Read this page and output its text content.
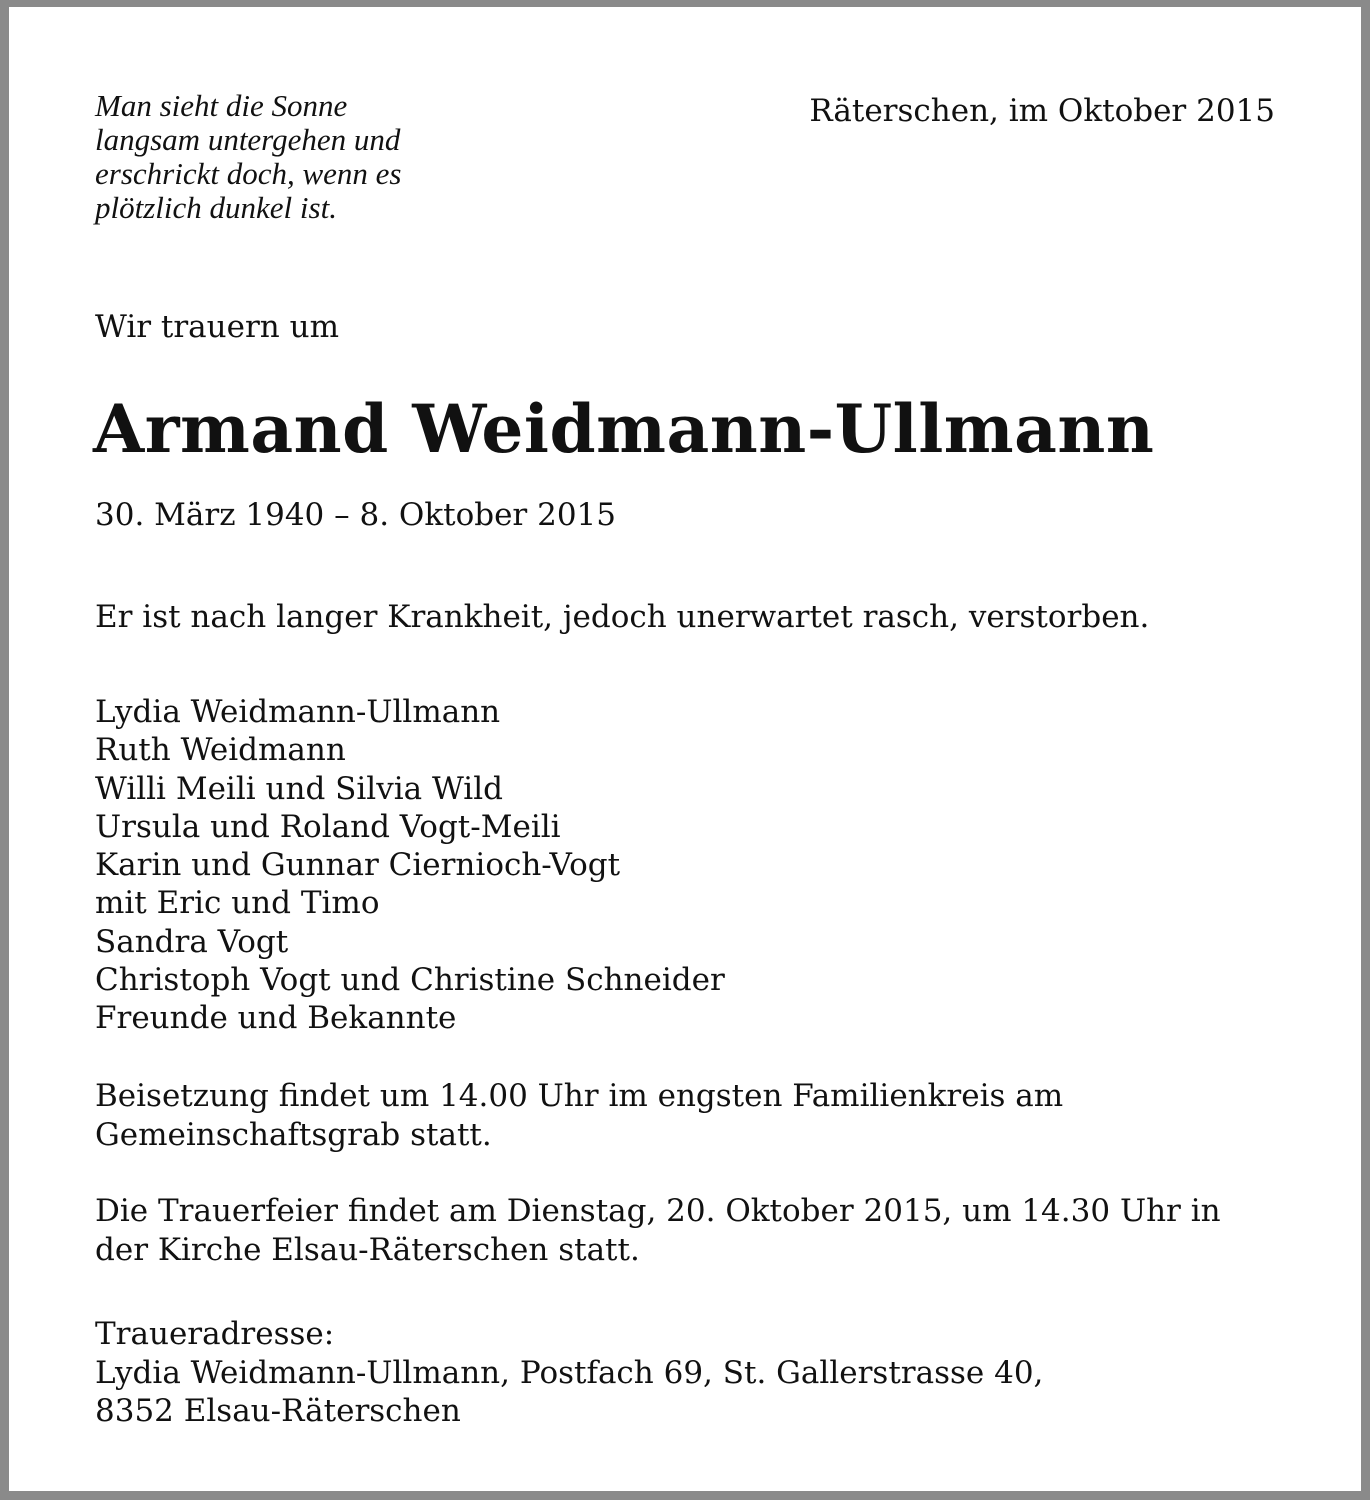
Man sieht die Sonne
langsam untergehen und
erschrickt doch, wenn es
plötzlich dunkel ist.

Räterschen, im Oktober 2015

Wir trauern um

Armand Weidmann-Ullmann

30. März 1940 – 8. Oktober 2015

Er ist nach langer Krankheit, jedoch unerwartet rasch, verstorben.

Lydia Weidmann-Ullmann
Ruth Weidmann
Willi Meili und Silvia Wild
Ursula und Roland Vogt-Meili
Karin und Gunnar Ciernioch-Vogt
mit Eric und Timo
Sandra Vogt
Christoph Vogt und Christine Schneider
Freunde und Bekannte
Beisetzung findet um 14.00 Uhr im engsten Familienkreis am
Gemeinschaftsgrab statt.
Die Trauerfeier findet am Dienstag, 20. Oktober 2015, um 14.30 Uhr in
der Kirche Elsau-Räterschen statt.
Traueradresse:
Lydia Weidmann-Ullmann, Postfach 69, St. Gallerstrasse 40,
8352 Elsau-Räterschen
